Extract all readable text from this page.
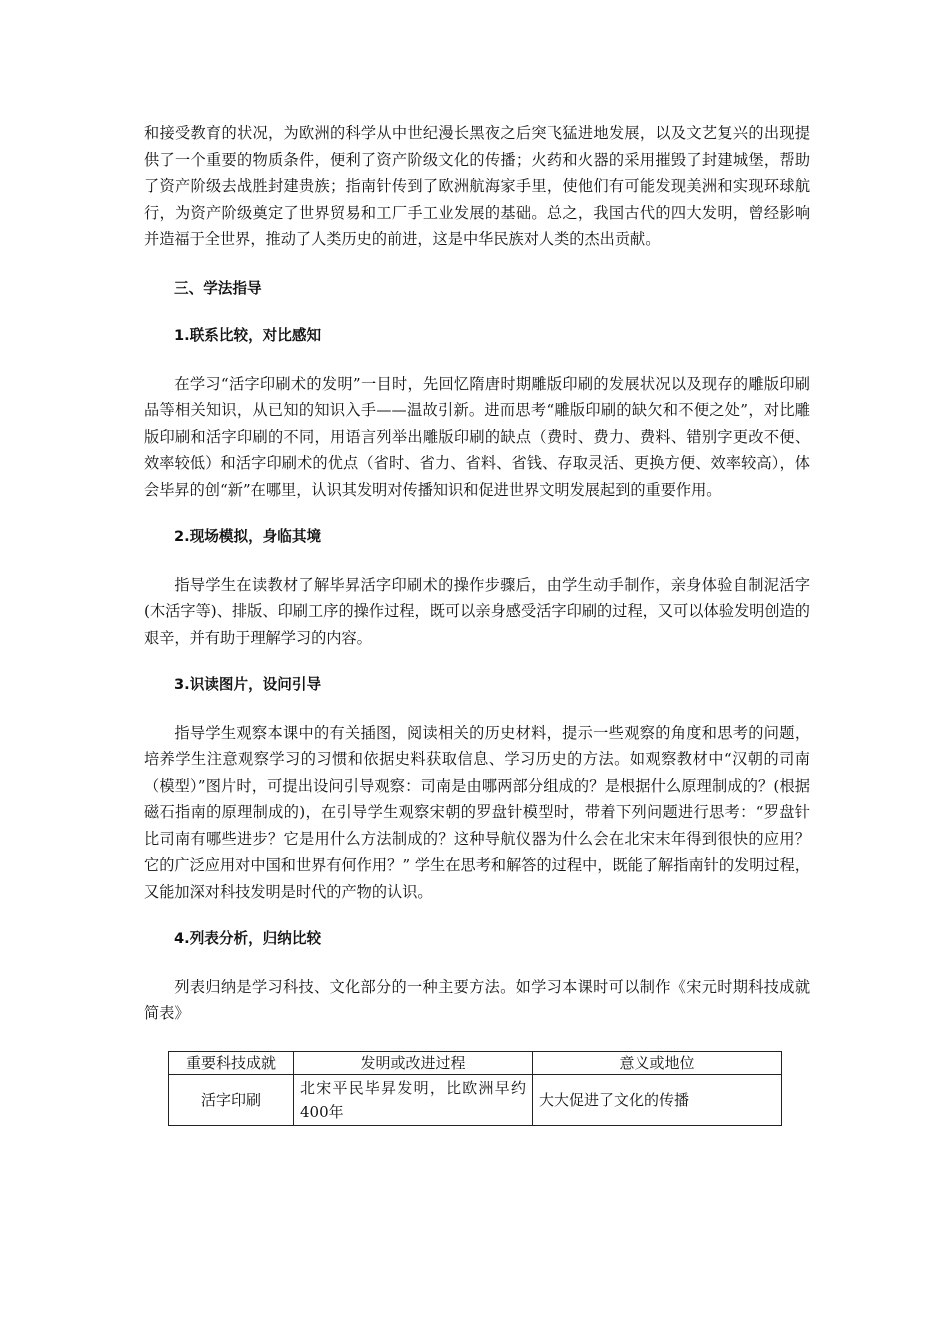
和接受教育的状况，为欧洲的科学从中世纪漫长黑夜之后突飞猛进地发展，以及文艺复兴的出现提供了一个重要的物质条件，便利了资产阶级文化的传播；火药和火器的采用摧毁了封建城堡，帮助了资产阶级去战胜封建贵族；指南针传到了欧洲航海家手里，使他们有可能发现美洲和实现环球航行，为资产阶级奠定了世界贸易和工厂手工业发展的基础。总之，我国古代的四大发明，曾经影响并造福于全世界，推动了人类历史的前进，这是中华民族对人类的杰出贡献。

三、学法指导

1.联系比较，对比感知

在学习“活字印刷术的发明”一目时，先回忆隋唐时期雕版印刷的发展状况以及现存的雕版印刷品等相关知识，从已知的知识入手——温故引新。进而思考“雕版印刷的缺欠和不便之处”，对比雕版印刷和活字印刷的不同，用语言列举出雕版印刷的缺点（费时、费力、费料、错别字更改不便、效率较低）和活字印刷术的优点（省时、省力、省料、省钱、存取灵活、更换方便、效率较高），体会毕昇的创“新”在哪里，认识其发明对传播知识和促进世界文明发展起到的重要作用。

2.现场模拟，身临其境

指导学生在读教材了解毕昇活字印刷术的操作步骤后，由学生动手制作，亲身体验自制泥活字(木活字等)、排版、印刷工序的操作过程，既可以亲身感受活字印刷的过程，又可以体验发明创造的艰辛，并有助于理解学习的内容。

3.识读图片，设问引导

指导学生观察本课中的有关插图，阅读相关的历史材料，提示一些观察的角度和思考的问题，培养学生注意观察学习的习惯和依据史料获取信息、学习历史的方法。如观察教材中“汉朝的司南（模型）”图片时，可提出设问引导观察：司南是由哪两部分组成的？是根据什么原理制成的？(根据磁石指南的原理制成的)，在引导学生观察宋朝的罗盘针模型时，带着下列问题进行思考：“罗盘针比司南有哪些进步？它是用什么方法制成的？这种导航仪器为什么会在北宋末年得到很快的应用？它的广泛应用对中国和世界有何作用？” 学生在思考和解答的过程中，既能了解指南针的发明过程，又能加深对科技发明是时代的产物的认识。

4.列表分析，归纳比较

列表归纳是学习科技、文化部分的一种主要方法。如学习本课时可以制作《宋元时期科技成就简表》

重要科技成就	发明或改进过程	意义或地位
活字印刷	北宋平民毕昇发明，比欧洲早约400年	大大促进了文化的传播
